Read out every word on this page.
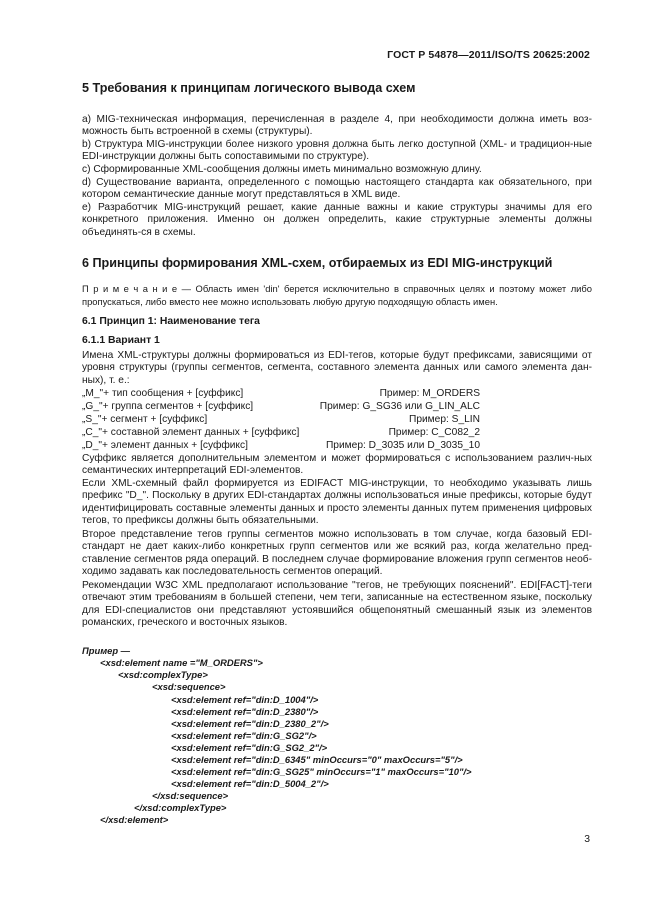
ГОСТ Р 54878—2011/ISO/TS 20625:2002
5 Требования к принципам логического вывода схем
а) MIG-техническая информация, перечисленная в разделе 4, при необходимости должна иметь воз-можность быть встроенной в схемы (структуры).
b) Структура MIG-инструкции более низкого уровня должна быть легко доступной (XML- и традицион-ные EDI-инструкции должны быть сопоставимыми по структуре).
c) Сформированные XML-сообщения должны иметь минимально возможную длину.
d) Существование варианта, определенного с помощью настоящего стандарта как обязательного, при котором семантические данные могут представляться в XML виде.
e) Разработчик MIG-инструкций решает, какие данные важны и какие структуры значимы для его конкретного приложения. Именно он должен определить, какие структурные элементы должны объединять-ся в схемы.
6 Принципы формирования XML-схем, отбираемых из EDI MIG-инструкций
П р и м е ч а н и е — Область имен 'din' берется исключительно в справочных целях и поэтому может либо пропускаться, либо вместо нее можно использовать любую другую подходящую область имен.
6.1 Принцип 1: Наименование тега
6.1.1 Вариант 1
Имена XML-структуры должны формироваться из EDI-тегов, которые будут префиксами, зависящими от уровня структуры (группы сегментов, сегмента, составного элемента данных или самого элемента дан-ных), т. е.:
„M_"+ тип сообщения + [суффикс]	Пример: M_ORDERS
„G_"+ группа сегментов + [суффикс]	Пример: G_SG36 или G_LIN_ALC
„S_"+ сегмент + [суффикс]	Пример: S_LIN
„C_"+ составной элемент данных + [суффикс]	Пример: C_C082_2
„D_"+ элемент данных + [суффикс]	Пример: D_3035 или D_3035_10
Суффикс является дополнительным элементом и может формироваться с использованием различ-ных семантических интерпретаций EDI-элементов.
Если XML-схемный файл формируется из EDIFACT MIG-инструкции, то необходимо указывать лишь префикс "D_". Поскольку в других EDI-стандартах должны использоваться иные префиксы, которые будут идентифицировать составные элементы данных и просто элементы данных путем применения цифровых тегов, то префиксы должны быть обязательными.
Второе представление тегов группы сегментов можно использовать в том случае, когда базовый EDI-стандарт не дает каких-либо конкретных групп сегментов или же всякий раз, когда желательно пред-ставление сегментов ряда операций. В последнем случае формирование вложения групп сегментов необ-ходимо задавать как последовательность сегментов операций.
Рекомендации W3C XML предполагают использование "тегов, не требующих пояснений". EDI[FACT]-теги отвечают этим требованиям в большей степени, чем теги, записанные на естественном языке, поскольку для EDI-специалистов они представляют устоявшийся общепонятный смешанный язык из элементов романских, греческого и восточных языков.
Пример —
<xsd:element name ="M_ORDERS">
<xsd:complexType>
<xsd:sequence>
<xsd:element ref="din:D_1004"/>
<xsd:element ref="din:D_2380"/>
<xsd:element ref="din:D_2380_2"/>
<xsd:element ref="din:G_SG2"/>
<xsd:element ref="din:G_SG2_2"/>
<xsd:element ref="din:D_6345" minOccurs="0" maxOccurs="5"/>
<xsd:element ref="din:G_SG25" minOccurs="1" maxOccurs="10"/>
<xsd:element ref="din:D_5004_2"/>
</xsd:sequence>
</xsd:complexType>
</xsd:element>
3
